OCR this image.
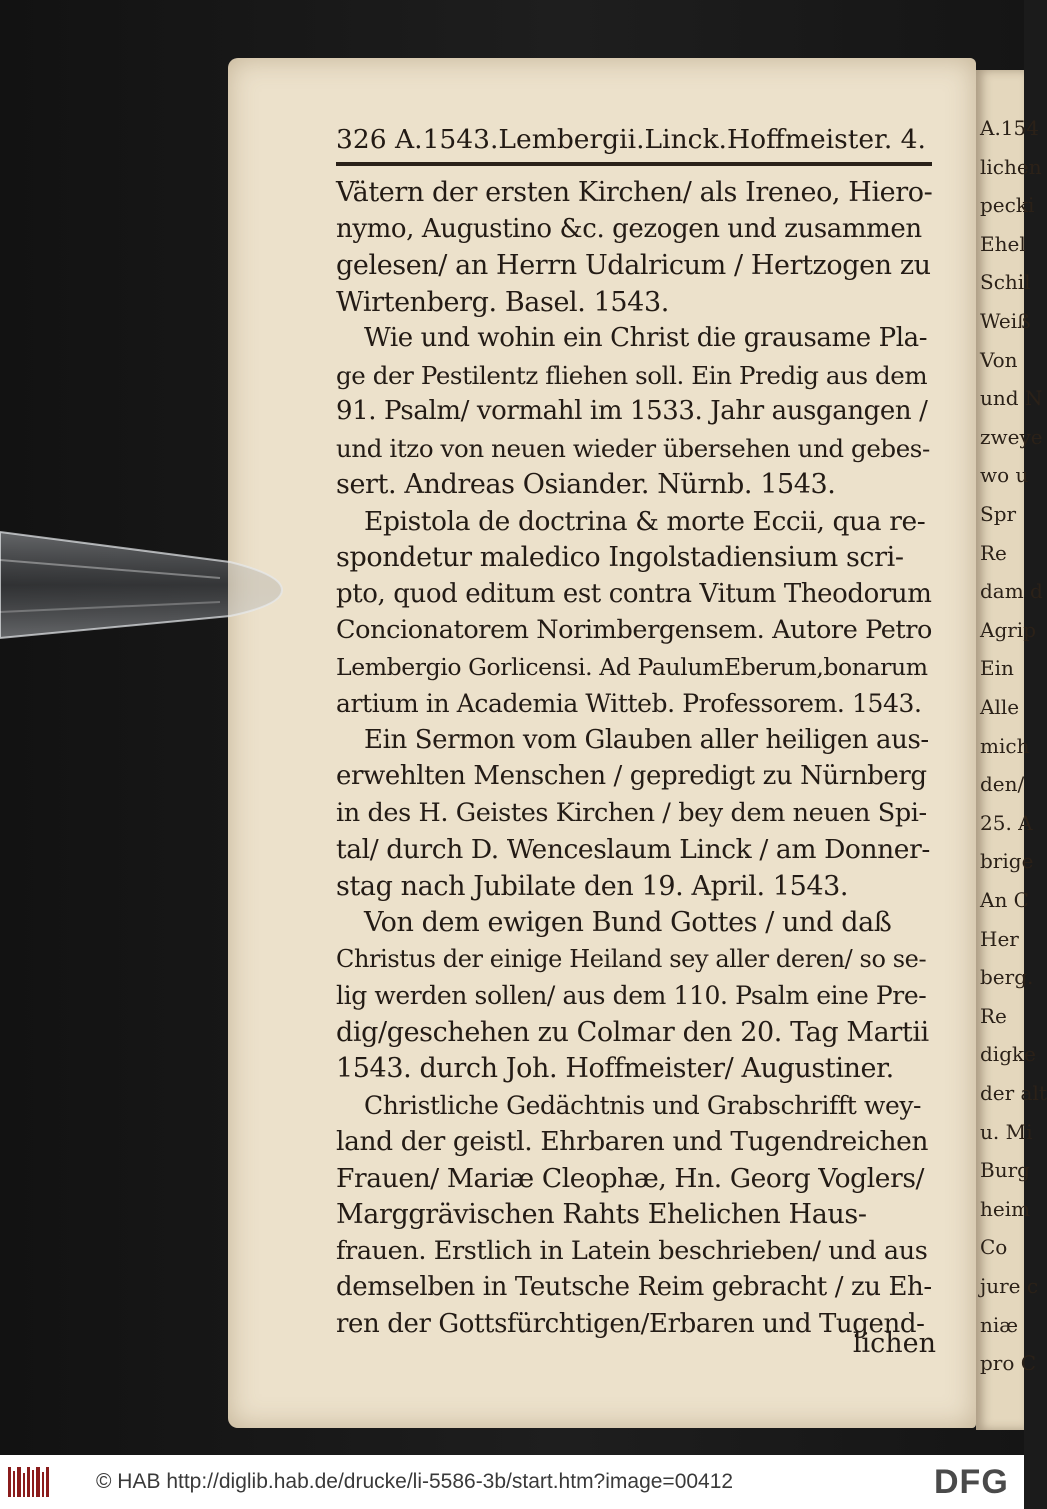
A.154
lichen
pecki
Ehel
Schil
Weiß
Von
und N
zweye
wo u
Spr
Re
dam d
Agrip
Ein
Alle
mich
den/
25. A
brige
An C
Her
berg.
Re
digke
der alt
u. Mi
Burg
heim
Co
jure c
niæ
pro C
326 A.1543.Lembergii.Linck.Hoffmeister. 4.
Vätern der ersten Kirchen/ als Ireneo, Hiero-
nymo, Augustino &c. gezogen und zusammen
gelesen/ an Herrn Udalricum / Hertzogen zu
Wirtenberg. Basel. 1543.
Wie und wohin ein Christ die grausame Pla-
ge der Pestilentz fliehen soll. Ein Predig aus dem
91. Psalm/ vormahl im 1533. Jahr ausgangen /
und itzo von neuen wieder übersehen und gebes-
sert. Andreas Osiander. Nürnb. 1543.
Epistola de doctrina & morte Eccii, qua re-
spondetur maledico Ingolstadiensium scri-
pto, quod editum est contra Vitum Theodorum
Concionatorem Norimbergensem. Autore Petro
Lembergio Gorlicensi. Ad PaulumEberum,bonarum
artium in Academia Witteb. Professorem. 1543.
Ein Sermon vom Glauben aller heiligen aus-
erwehlten Menschen / gepredigt zu Nürnberg
in des H. Geistes Kirchen / bey dem neuen Spi-
tal/ durch D. Wenceslaum Linck / am Donner-
stag nach Jubilate den 19. April. 1543.
Von dem ewigen Bund Gottes / und daß
Christus der einige Heiland sey aller deren/ so se-
lig werden sollen/ aus dem 110. Psalm eine Pre-
dig/geschehen zu Colmar den 20. Tag Martii
1543. durch Joh. Hoffmeister/ Augustiner.
Christliche Gedächtnis und Grabschrifft wey-
land der geistl. Ehrbaren und Tugendreichen
Frauen/ Mariæ Cleophæ, Hn. Georg Voglers/
Marggrävischen Rahts Ehelichen Haus-
frauen. Erstlich in Latein beschrieben/ und aus
demselben in Teutsche Reim gebracht / zu Eh-
ren der Gottsfürchtigen/Erbaren und Tugend-
lichen
© HAB http://diglib.hab.de/drucke/li-5586-3b/start.htm?image=00412	DFG
